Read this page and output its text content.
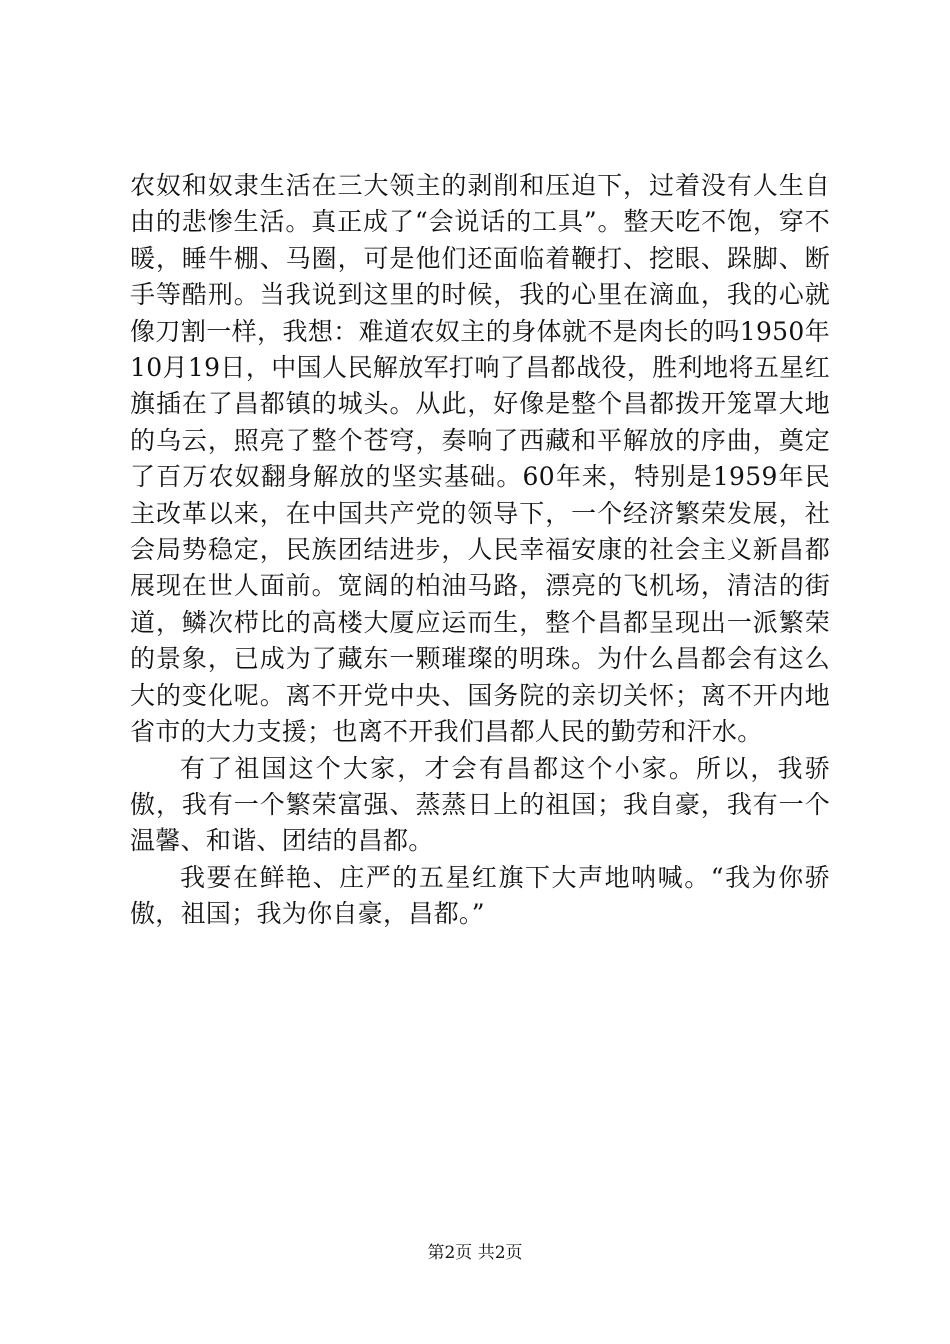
农奴和奴隶生活在三大领主的剥削和压迫下，过着没有人生自由的悲惨生活。真正成了“会说话的工具”。整天吃不饱，穿不暖，睡牛棚、马圈，可是他们还面临着鞭打、挖眼、跺脚、断手等酷刑。当我说到这里的时候，我的心里在滴血，我的心就像刀割一样，我想：难道农奴主的身体就不是肉长的吗1950年10月19日，中国人民解放军打响了昌都战役，胜利地将五星红旗插在了昌都镇的城头。从此，好像是整个昌都拨开笼罩大地的乌云，照亮了整个苍穹，奏响了西藏和平解放的序曲，奠定了百万农奴翻身解放的坚实基础。60年来，特别是1959年民主改革以来，在中国共产党的领导下，一个经济繁荣发展，社会局势稳定，民族团结进步，人民幸福安康的社会主义新昌都展现在世人面前。宽阔的柏油马路，漂亮的飞机场，清洁的街道，鳞次栉比的高楼大厦应运而生，整个昌都呈现出一派繁荣的景象，已成为了藏东一颗璀璨的明珠。为什么昌都会有这么大的变化呢。离不开党中央、国务院的亲切关怀；离不开内地省市的大力支援；也离不开我们昌都人民的勤劳和汗水。

有了祖国这个大家，才会有昌都这个小家。所以，我骄傲，我有一个繁荣富强、蒸蒸日上的祖国；我自豪，我有一个温馨、和谐、团结的昌都。

我要在鲜艳、庄严的五星红旗下大声地呐喊。“我为你骄傲，祖国；我为你自豪，昌都。”

第2页 共2页
